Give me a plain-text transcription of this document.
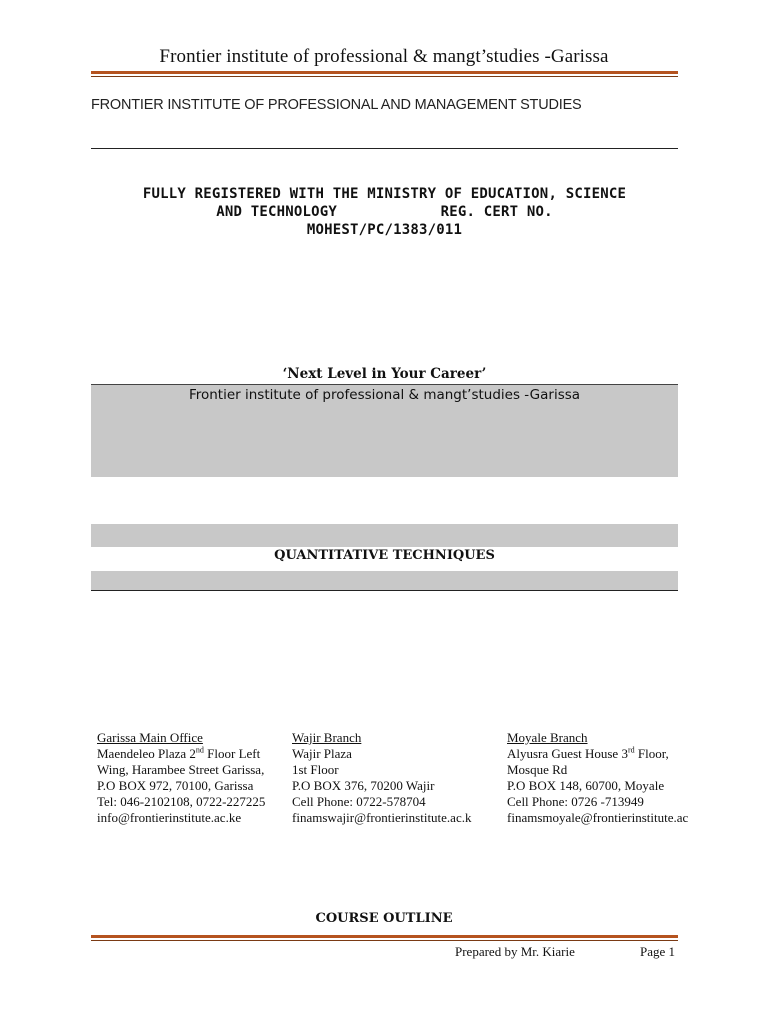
Frontier institute of professional & mangt’studies -Garissa
FRONTIER INSTITUTE OF PROFESSIONAL AND MANAGEMENT STUDIES
FULLY REGISTERED WITH THE MINISTRY OF EDUCATION, SCIENCE
AND TECHNOLOGY            REG. CERT NO.
MOHEST/PC/1383/011
‘Next Level in Your Career’
Frontier institute of professional & mangt’studies -Garissa
QUANTITATIVE TECHNIQUES
Garissa Main Office
Maendeleo Plaza 2nd Floor Left
Wing, Harambee Street Garissa,
P.O BOX 972, 70100, Garissa
Tel: 046-2102108, 0722-227225
info@frontierinstitute.ac.ke
Wajir Branch
Wajir Plaza
1st Floor
P.O BOX 376, 70200 Wajir
Cell Phone: 0722-578704
finamswajir@frontierinstitute.ac.k
Moyale Branch
Alyusra Guest House 3rd Floor,
Mosque Rd
P.O BOX 148, 60700, Moyale
Cell Phone: 0726 -713949
finamsmoyale@frontierinstitute.ac
COURSE OUTLINE
Prepared by Mr. Kiarie	Page 1
